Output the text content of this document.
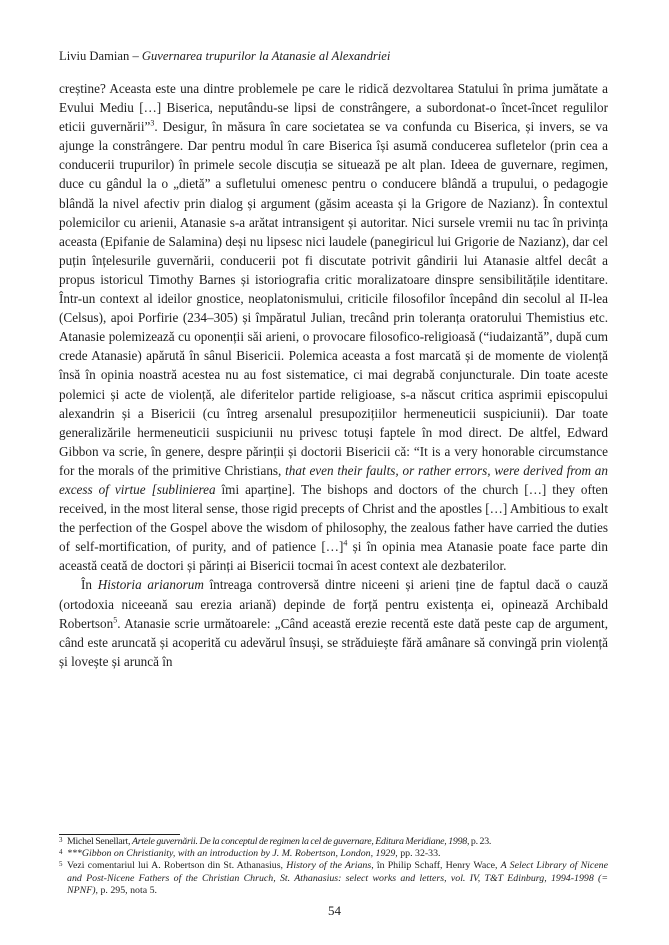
Liviu Damian – Guvernarea trupurilor la Atanasie al Alexandriei

creștine? Aceasta este una dintre problemele pe care le ridică dezvoltarea Statului în prima jumătate a Evului Mediu […] Biserica, neputându-se lipsi de constrângere, a subordonat-o încet-încet regulilor eticii guvernării”$^3$. Desigur, în măsura în care societatea se va confunda cu Biserica, și invers, se va ajunge la constrângere. Dar pentru modul în care Biserica își asumă conducerea sufletelor (prin cea a conducerii trupurilor) în primele secole discuția se situează pe alt plan. Ideea de guvernare, regimen, duce cu gândul la o „dietă” a sufletului omenesc pentru o conducere blândă a trupului, o pedagogie blândă la nivel afectiv prin dialog și argument (găsim aceasta și la Grigore de Nazianz). În contextul polemicilor cu arienii, Atanasie s-a arătat intransigent și autoritar. Nici sursele vremii nu tac în privința aceasta (Epifanie de Salamina) deși nu lipsesc nici laudele (panegiricul lui Grigorie de Nazianz), dar cel puțin înțelesurile guvernării, conducerii pot fi discutate potrivit gândirii lui Atanasie altfel decât a propus istoricul Timothy Barnes și istoriografia critic moralizatoare dinspre sensibilitățile identitare. Într-un context al ideilor gnostice, neoplatonismului, criticile filosofilor începând din secolul al II-lea (Celsus), apoi Porfirie (234–305) și împăratul Julian, trecând prin toleranța oratorului Themistius etc. Atanasie polemizează cu oponenții săi arieni, o provocare filosofico-religioasă (“iudaizantă”, după cum crede Atanasie) apărută în sânul Bisericii. Polemica aceasta a fost marcată și de momente de violență însă în opinia noastră acestea nu au fost sistematice, ci mai degrabă conjuncturale. Din toate aceste polemici și acte de violență, ale diferitelor partide religioase, s-a născut critica asprimii episcopului alexandrin și a Bisericii (cu întreg arsenalul presupozițiilor hermeneuticii suspiciunii). Dar toate generalizările hermeneuticii suspiciunii nu privesc totuși faptele în mod direct. De altfel, Edward Gibbon va scrie, în genere, despre părinții și doctorii Bisericii că: “It is a very honorable circumstance for the morals of the primitive Christians, that even their faults, or rather errors, were derived from an excess of virtue [sublinierea îmi aparține]. The bishops and doctors of the church […] they often received, in the most literal sense, those rigid precepts of Christ and the apostles […] Ambitious to exalt the perfection of the Gospel above the wisdom of philosophy, the zealous father have carried the duties of self-mortification, of purity, and of patience […]$^4$ și în opinia mea Atanasie poate face parte din această ceată de doctori și părinți ai Bisericii tocmai în acest context ale dezbaterilor.

În Historia arianorum întreaga controversă dintre niceeni și arieni ține de faptul dacă o cauză (ortodoxia niceeană sau erezia ariană) depinde de forță pentru existența ei, opinează Archibald Robertson$^5$. Atanasie scrie următoarele: „Când această erezie recentă este dată peste cap de argument, când este aruncată și acoperită cu adevărul însuși, se străduiește fără amânare să convingă prin violență și lovește și aruncă în

3 Michel Senellart, Artele guvernării. De la conceptul de regimen la cel de guvernare, Editura Meridiane, 1998, p. 23.
4 ***Gibbon on Christianity, with an introduction by J. M. Robertson, London, 1929, pp. 32-33.
5 Vezi comentariul lui A. Robertson din St. Athanasius, History of the Arians, în Philip Schaff, Henry Wace, A Select Library of Nicene and Post-Nicene Fathers of the Christian Chruch, St. Athanasius: select works and letters, vol. IV, T&T Edinburg, 1994-1998 (= NPNF), p. 295, nota 5.
54
